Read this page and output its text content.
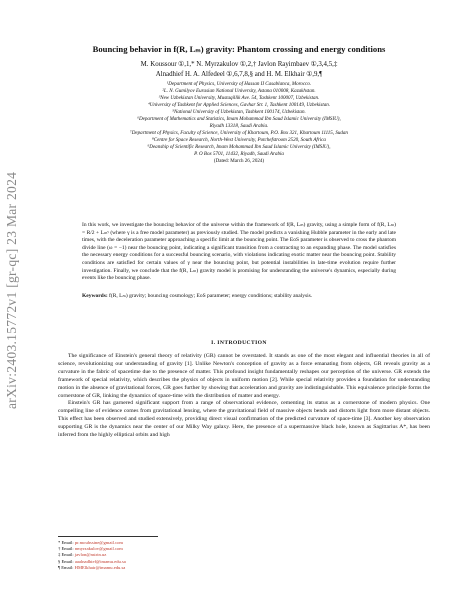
arXiv:2403.15772v1 [gr-qc] 23 Mar 2024
Bouncing behavior in f(R, Lₘ) gravity: Phantom crossing and energy conditions
M. Koussour ①,1,* N. Myrzakulov ①,2,† Javlon Rayimbaev ①,3,4,5,‡
Alnadhief H. A. Alfedeel ①,6,7,8,§ and H. M. Elkhair ①,9,¶
¹Department of Physics, University of Hassan II Casablanca, Morocco.
²L. N. Gumilyov Eurasian National University, Astana 010008, Kazakhstan.
³New Uzbekistan University, Mustaqillik Ave. 54, Tashkent 100007, Uzbekistan.
⁴University of Tashkent for Applied Sciences, Gavhar Str. 1, Tashkent 100149, Uzbekistan.
⁵National University of Uzbekistan, Tashkent 100174, Uzbekistan.
⁶Department of Mathematics and Statistics, Imam Mohammad Ibn Saud Islamic University (IMSIU),
Riyadh 13318, Saudi Arabia.
⁷Department of Physics, Faculty of Science, University of Khartoum, P.O. Box 321, Khartoum 11115, Sudan
⁸Centre for Space Research, North-West University, Potchefstroom 2520, South Africa
⁹Deanship of Scientific Research, Imam Mohammad Ibn Saud Islamic University (IMSIU),
P. O Box 5701, 11432, Riyadh, Saudi Arabia
(Dated: March 26, 2024)
In this work, we investigate the bouncing behavior of the universe within the framework of f(R, Lₘ) gravity, using a simple form of f(R, Lₘ) = R/2 + Lₘᵞ (where γ is a free model parameter) as previously studied. The model predicts a vanishing Hubble parameter in the early and late times, with the deceleration parameter approaching a specific limit at the bouncing point. The EoS parameter is observed to cross the phantom divide line (ω = −1) near the bouncing point, indicating a significant transition from a contracting to an expanding phase. The model satisfies the necessary energy conditions for a successful bouncing scenario, with violations indicating exotic matter near the bouncing point. Stability conditions are satisfied for certain values of γ near the bouncing point, but potential instabilities in late-time evolution require further investigation. Finally, we conclude that the f(R, Lₘ) gravity model is promising for understanding the universe's dynamics, especially during events like the bouncing phase.
Keywords: f(R, Lₘ) gravity; bouncing cosmology; EoS parameter; energy conditions; stability analysis.
I. INTRODUCTION

The significance of Einstein's general theory of relativity (GR) cannot be overstated. It stands as one of the most elegant and influential theories in all of science, revolutionizing our understanding of gravity [1]. Unlike Newton's conception of gravity as a force emanating from objects, GR reveals gravity as a curvature in the fabric of spacetime due to the presence of matter. This profound insight fundamentally reshapes our perception of the universe. GR extends the framework of special relativity, which describes the physics of objects in uniform motion [2]. While special relativity provides a foundation for understanding motion in the absence of gravitational forces, GR goes further by showing that acceleration and gravity are indistinguishable. This equivalence principle forms the cornerstone of GR, linking the dynamics of space-time with the distribution of matter and energy.

Einstein's GR has garnered significant support from a range of observational evidence, cementing its status as a cornerstone of modern physics. One compelling line of evidence comes from gravitational lensing, where the gravitational field of massive objects bends and distorts light from more distant objects. This effect has been observed and studied extensively, providing direct visual confirmation of the predicted curvature of space-time [3]. Another key observation supporting GR is the dynamics near the center of our Milky Way galaxy. Here, the presence of a supermassive black hole, known as Sagittarius A*, has been inferred from the highly elliptical orbits and high

* Email: pr.mouhssine@gmail.com
† Email: nmyrzakulov@gmail.com
‡ Email: javlon@astrin.uz
§ Email: aaalnadhief@imamu.edu.sa
¶ Email: HMElkhair@imamu.edu.sa
